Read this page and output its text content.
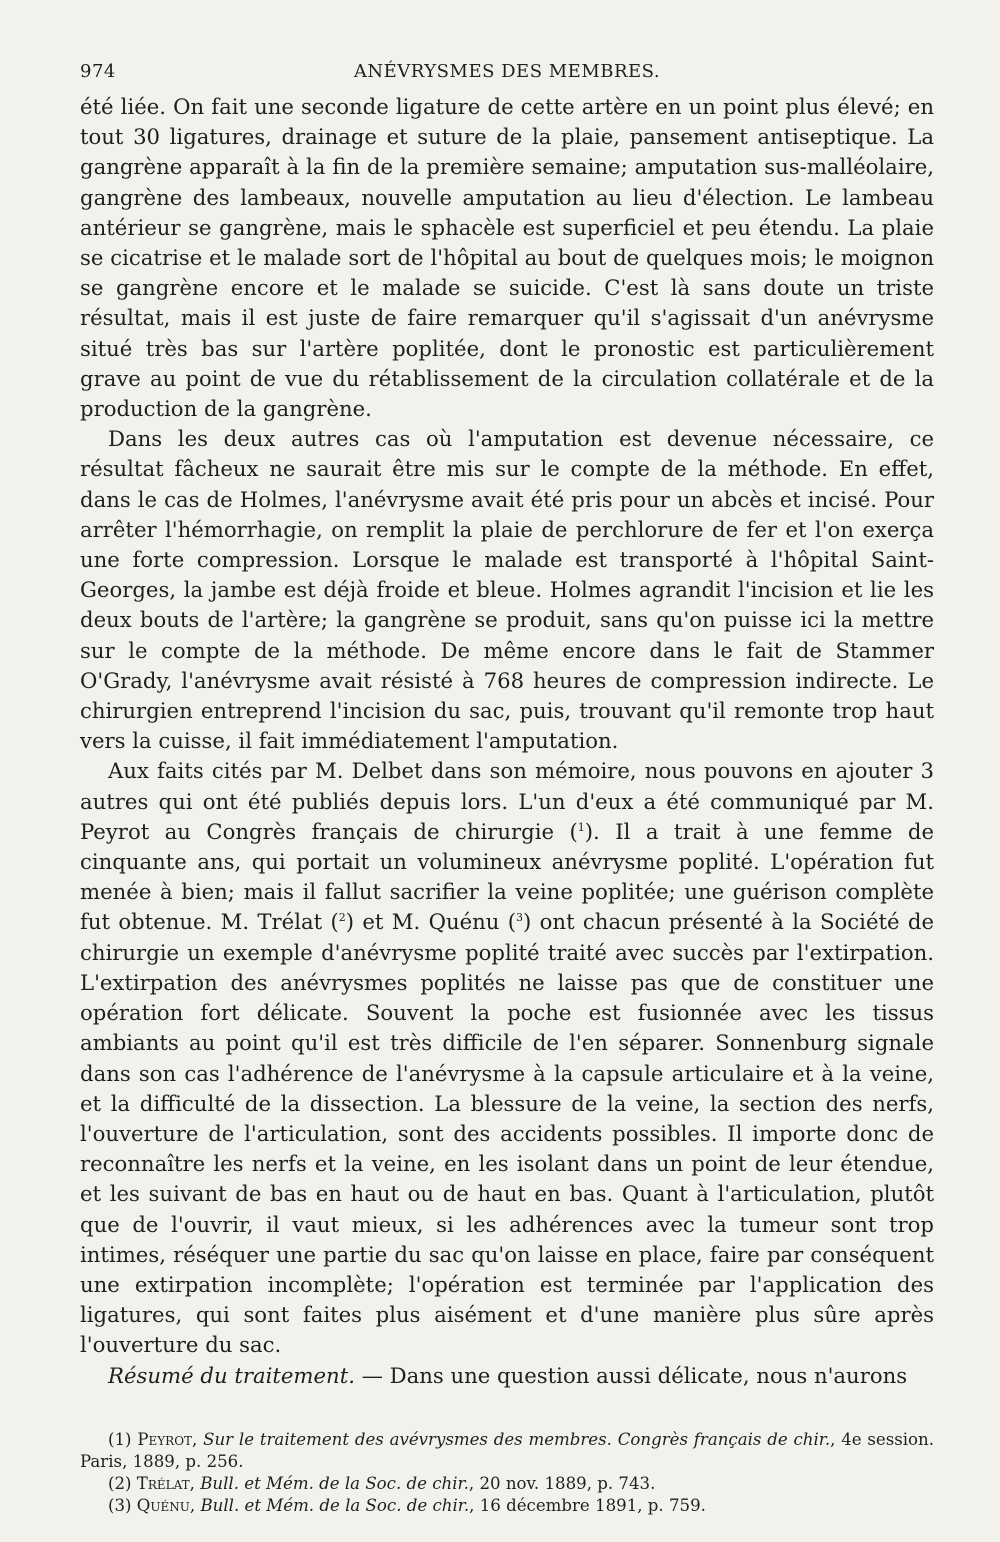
974	ANÉVRYSMES DES MEMBRES.

été liée. On fait une seconde ligature de cette artère en un point plus élevé; en tout 30 ligatures, drainage et suture de la plaie, pansement antiseptique. La gangrène apparaît à la fin de la première semaine; amputation sus-malléolaire, gangrène des lambeaux, nouvelle amputation au lieu d'élection. Le lambeau antérieur se gangrène, mais le sphacèle est superficiel et peu étendu. La plaie se cicatrise et le malade sort de l'hôpital au bout de quelques mois; le moignon se gangrène encore et le malade se suicide. C'est là sans doute un triste résultat, mais il est juste de faire remarquer qu'il s'agissait d'un anévrysme situé très bas sur l'artère poplitée, dont le pronostic est particulièrement grave au point de vue du rétablissement de la circulation collatérale et de la production de la gangrène.

Dans les deux autres cas où l'amputation est devenue nécessaire, ce résultat fâcheux ne saurait être mis sur le compte de la méthode. En effet, dans le cas de Holmes, l'anévrysme avait été pris pour un abcès et incisé. Pour arrêter l'hémorrhagie, on remplit la plaie de perchlorure de fer et l'on exerça une forte compression. Lorsque le malade est transporté à l'hôpital Saint-Georges, la jambe est déjà froide et bleue. Holmes agrandit l'incision et lie les deux bouts de l'artère; la gangrène se produit, sans qu'on puisse ici la mettre sur le compte de la méthode. De même encore dans le fait de Stammer O'Grady, l'anévrysme avait résisté à 768 heures de compression indirecte. Le chirurgien entreprend l'incision du sac, puis, trouvant qu'il remonte trop haut vers la cuisse, il fait immédiatement l'amputation.

Aux faits cités par M. Delbet dans son mémoire, nous pouvons en ajouter 3 autres qui ont été publiés depuis lors. L'un d'eux a été communiqué par M. Peyrot au Congrès français de chirurgie ($^1$). Il a trait à une femme de cinquante ans, qui portait un volumineux anévrysme poplité. L'opération fut menée à bien; mais il fallut sacrifier la veine poplitée; une guérison complète fut obtenue. M. Trélat ($^2$) et M. Quénu ($^3$) ont chacun présenté à la Société de chirurgie un exemple d'anévrysme poplité traité avec succès par l'extirpation. L'extirpation des anévrysmes poplités ne laisse pas que de constituer une opération fort délicate. Souvent la poche est fusionnée avec les tissus ambiants au point qu'il est très difficile de l'en séparer. Sonnenburg signale dans son cas l'adhérence de l'anévrysme à la capsule articulaire et à la veine, et la difficulté de la dissection. La blessure de la veine, la section des nerfs, l'ouverture de l'articulation, sont des accidents possibles. Il importe donc de reconnaître les nerfs et la veine, en les isolant dans un point de leur étendue, et les suivant de bas en haut ou de haut en bas. Quant à l'articulation, plutôt que de l'ouvrir, il vaut mieux, si les adhérences avec la tumeur sont trop intimes, réséquer une partie du sac qu'on laisse en place, faire par conséquent une extirpation incomplète; l'opération est terminée par l'application des ligatures, qui sont faites plus aisément et d'une manière plus sûre après l'ouverture du sac.

Résumé du traitement. — Dans une question aussi délicate, nous n'aurons

(1) Peyrot, Sur le traitement des avévrysmes des membres. Congrès français de chir., 4e session. Paris, 1889, p. 256.

(2) Trélat, Bull. et Mém. de la Soc. de chir., 20 nov. 1889, p. 743.

(3) Quénu, Bull. et Mém. de la Soc. de chir., 16 décembre 1891, p. 759.
